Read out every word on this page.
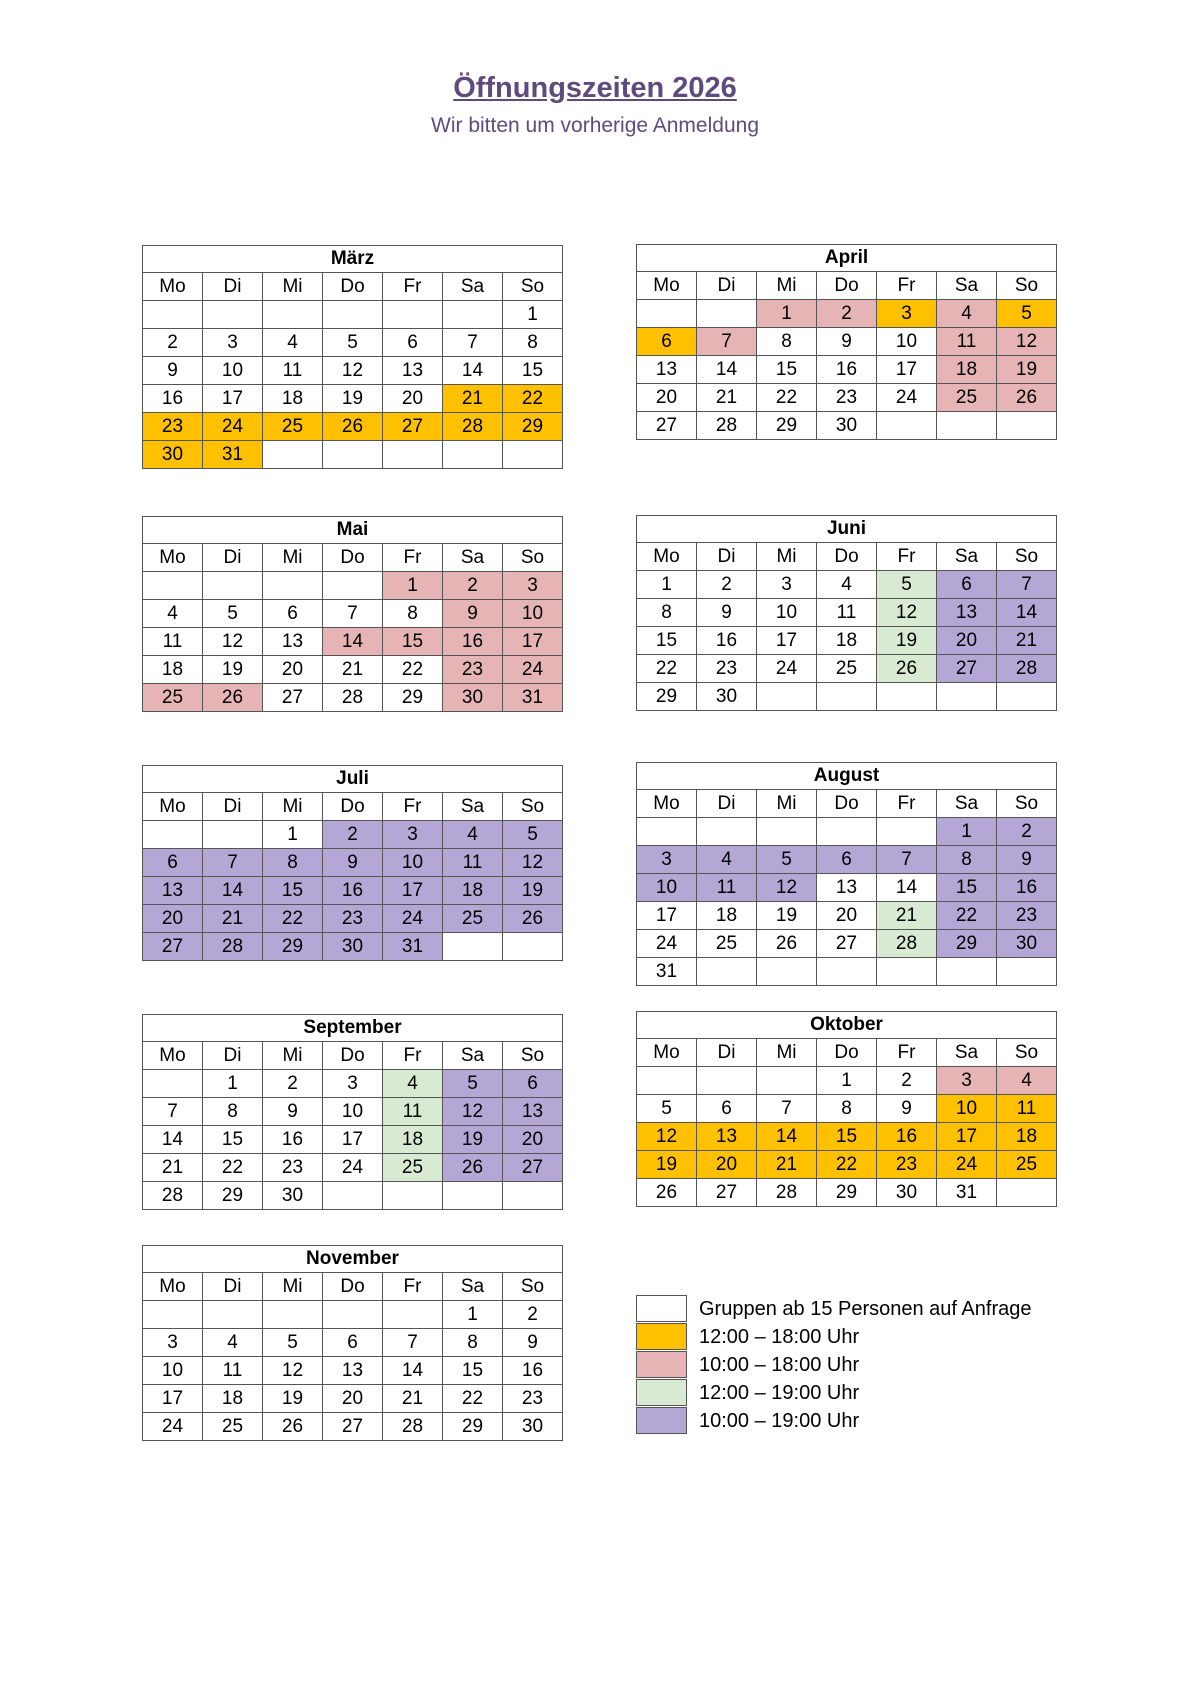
Öffnungszeiten 2026
Wir bitten um vorherige Anmeldung
März						
Mo	Di	Mi	Do	Fr	Sa	So
						1
2	3	4	5	6	7	8
9	10	11	12	13	14	15
16	17	18	19	20	21	22
23	24	25	26	27	28	29
30	31					
April						
Mo	Di	Mi	Do	Fr	Sa	So
		1	2	3	4	5
6	7	8	9	10	11	12
13	14	15	16	17	18	19
20	21	22	23	24	25	26
27	28	29	30			
Mai						
Mo	Di	Mi	Do	Fr	Sa	So
				1	2	3
4	5	6	7	8	9	10
11	12	13	14	15	16	17
18	19	20	21	22	23	24
25	26	27	28	29	30	31
Juni						
Mo	Di	Mi	Do	Fr	Sa	So
1	2	3	4	5	6	7
8	9	10	11	12	13	14
15	16	17	18	19	20	21
22	23	24	25	26	27	28
29	30					
Juli						
Mo	Di	Mi	Do	Fr	Sa	So
		1	2	3	4	5
6	7	8	9	10	11	12
13	14	15	16	17	18	19
20	21	22	23	24	25	26
27	28	29	30	31		
August						
Mo	Di	Mi	Do	Fr	Sa	So
					1	2
3	4	5	6	7	8	9
10	11	12	13	14	15	16
17	18	19	20	21	22	23
24	25	26	27	28	29	30
31						
September						
Mo	Di	Mi	Do	Fr	Sa	So
	1	2	3	4	5	6
7	8	9	10	11	12	13
14	15	16	17	18	19	20
21	22	23	24	25	26	27
28	29	30				
Oktober						
Mo	Di	Mi	Do	Fr	Sa	So
			1	2	3	4
5	6	7	8	9	10	11
12	13	14	15	16	17	18
19	20	21	22	23	24	25
26	27	28	29	30	31	
November						
Mo	Di	Mi	Do	Fr	Sa	So
					1	2
3	4	5	6	7	8	9
10	11	12	13	14	15	16
17	18	19	20	21	22	23
24	25	26	27	28	29	30
Gruppen ab 15 Personen auf Anfrage
12:00 – 18:00 Uhr
10:00 – 18:00 Uhr
12:00 – 19:00 Uhr
10:00 – 19:00 Uhr
